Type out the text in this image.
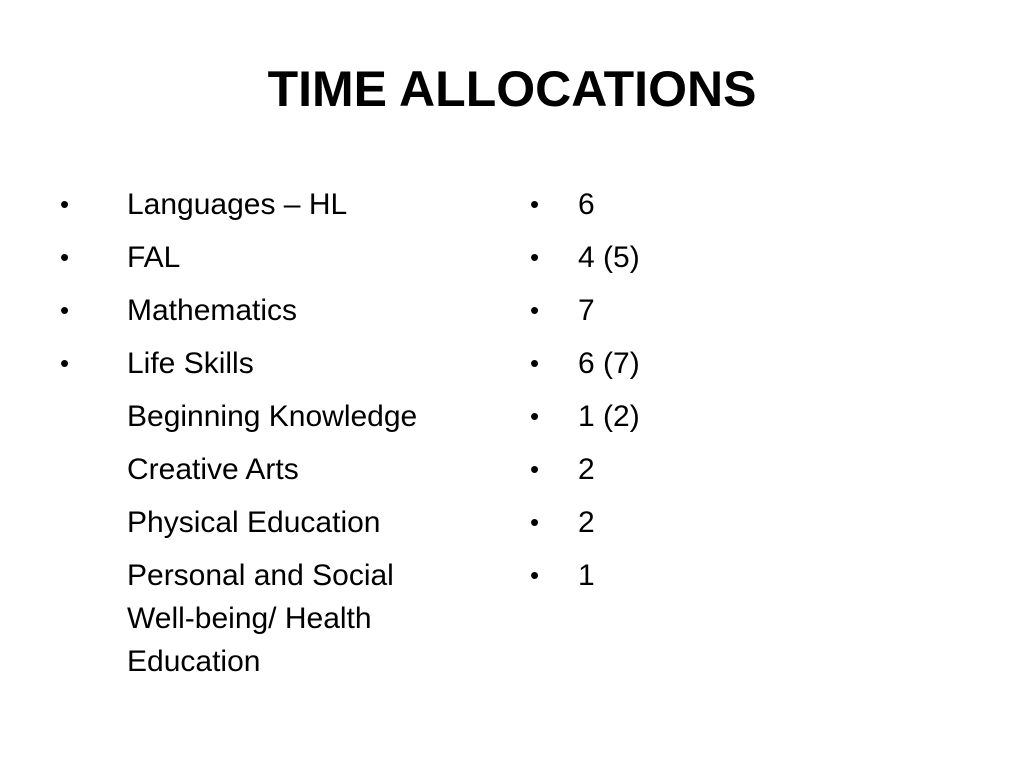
TIME ALLOCATIONS
• Languages – HL
• FAL
• Mathematics
• Life Skills
Beginning Knowledge
Creative Arts
Physical Education
Personal and Social Well-being/ Health Education
• 6
• 4 (5)
• 7
• 6 (7)
• 1 (2)
• 2
• 2
• 1
